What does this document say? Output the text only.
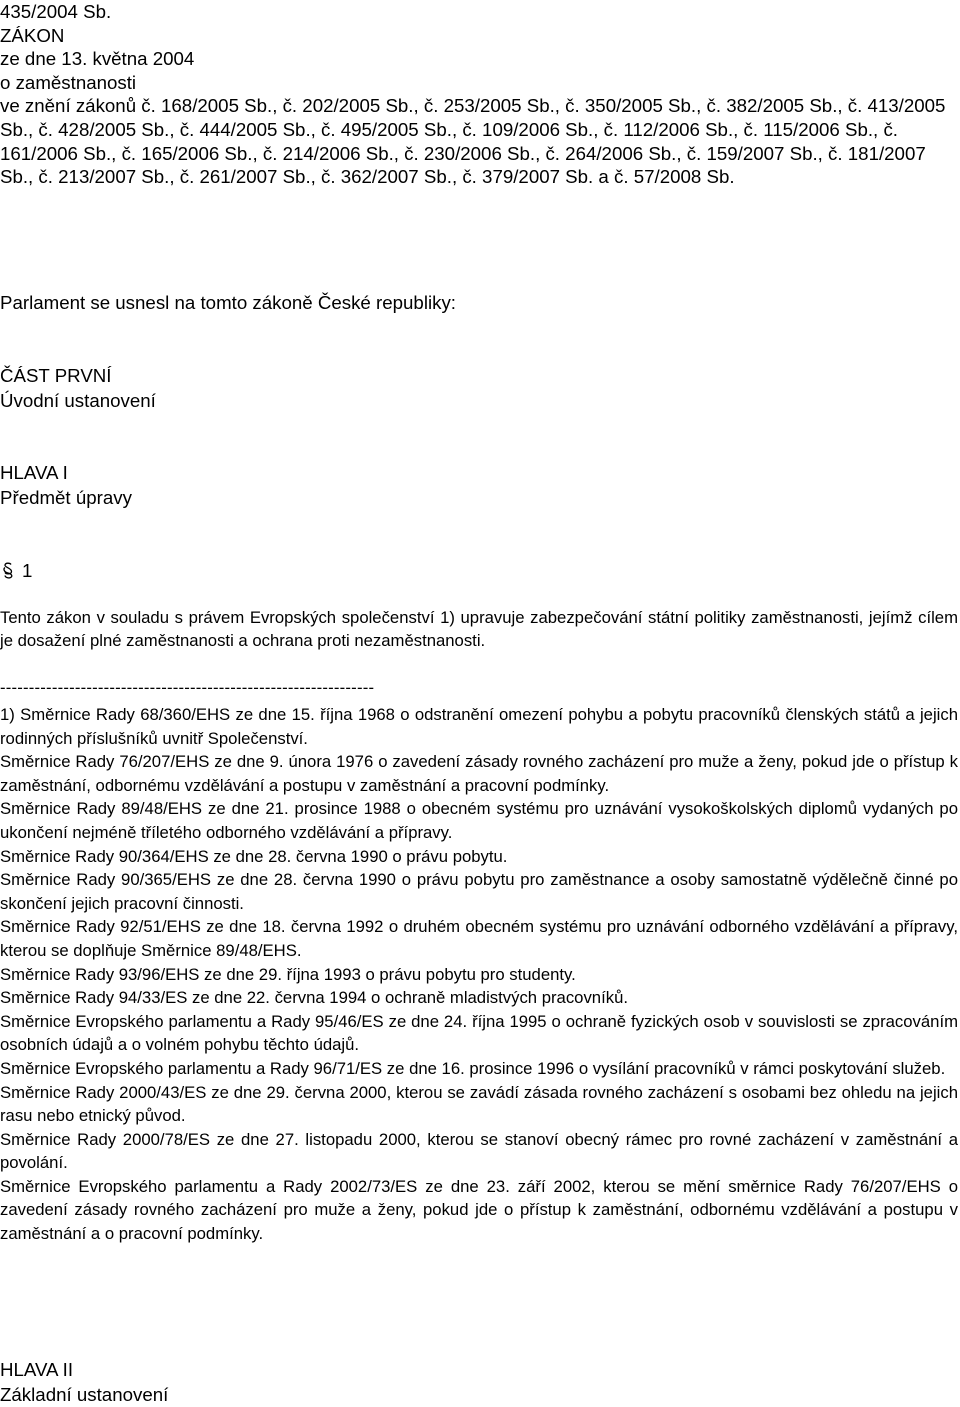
435/2004 Sb.
ZÁKON
ze dne 13. května 2004
o zaměstnanosti
ve znění zákonů č. 168/2005 Sb., č. 202/2005 Sb., č. 253/2005 Sb., č. 350/2005 Sb., č. 382/2005 Sb., č. 413/2005 Sb., č. 428/2005 Sb., č. 444/2005 Sb., č. 495/2005 Sb., č. 109/2006 Sb., č. 112/2006 Sb., č. 115/2006 Sb., č. 161/2006 Sb., č. 165/2006 Sb., č. 214/2006 Sb., č. 230/2006 Sb., č. 264/2006 Sb., č. 159/2007 Sb., č. 181/2007 Sb., č. 213/2007 Sb., č. 261/2007 Sb., č. 362/2007 Sb., č. 379/2007 Sb. a č. 57/2008 Sb.
Parlament se usnesl na tomto zákoně České republiky:
ČÁST PRVNÍ
Úvodní ustanovení
HLAVA I
Předmět úpravy
1
Tento zákon v souladu s právem Evropských společenství 1) upravuje zabezpečování státní politiky zaměstnanosti, jejímž cílem je dosažení plné zaměstnanosti a ochrana proti nezaměstnanosti.
-----------------------------------------------------------------

1) Směrnice Rady 68/360/EHS ze dne 15. října 1968 o odstranění omezení pohybu a pobytu pracovníků členských států a jejich rodinných příslušníků uvnitř Společenství.

Směrnice Rady 76/207/EHS ze dne 9. února 1976 o zavedení zásady rovného zacházení pro muže a ženy, pokud jde o přístup k zaměstnání, odbornému vzdělávání a postupu v zaměstnání a pracovní podmínky.

Směrnice Rady 89/48/EHS ze dne 21. prosince 1988 o obecném systému pro uznávání vysokoškolských diplomů vydaných po ukončení nejméně tříletého odborného vzdělávání a přípravy.

Směrnice Rady 90/364/EHS ze dne 28. června 1990 o právu pobytu.

Směrnice Rady 90/365/EHS ze dne 28. června 1990 o právu pobytu pro zaměstnance a osoby samostatně výdělečně činné po skončení jejich pracovní činnosti.

Směrnice Rady 92/51/EHS ze dne 18. června 1992 o druhém obecném systému pro uznávání odborného vzdělávání a přípravy, kterou se doplňuje Směrnice 89/48/EHS.

Směrnice Rady 93/96/EHS ze dne 29. října 1993 o právu pobytu pro studenty.

Směrnice Rady 94/33/ES ze dne 22. června 1994 o ochraně mladistvých pracovníků.

Směrnice Evropského parlamentu a Rady 95/46/ES ze dne 24. října 1995 o ochraně fyzických osob v souvislosti se zpracováním osobních údajů a o volném pohybu těchto údajů.

Směrnice Evropského parlamentu a Rady 96/71/ES ze dne 16. prosince 1996 o vysílání pracovníků v rámci poskytování služeb.

Směrnice Rady 2000/43/ES ze dne 29. června 2000, kterou se zavádí zásada rovného zacházení s osobami bez ohledu na jejich rasu nebo etnický původ.

Směrnice Rady 2000/78/ES ze dne 27. listopadu 2000, kterou se stanoví obecný rámec pro rovné zacházení v zaměstnání a povolání.

Směrnice Evropského parlamentu a Rady 2002/73/ES ze dne 23. září 2002, kterou se mění směrnice Rady 76/207/EHS o zavedení zásady rovného zacházení pro muže a ženy, pokud jde o přístup k zaměstnání, odbornému vzdělávání a postupu v zaměstnání a o pracovní podmínky.

HLAVA II
Základní ustanovení
